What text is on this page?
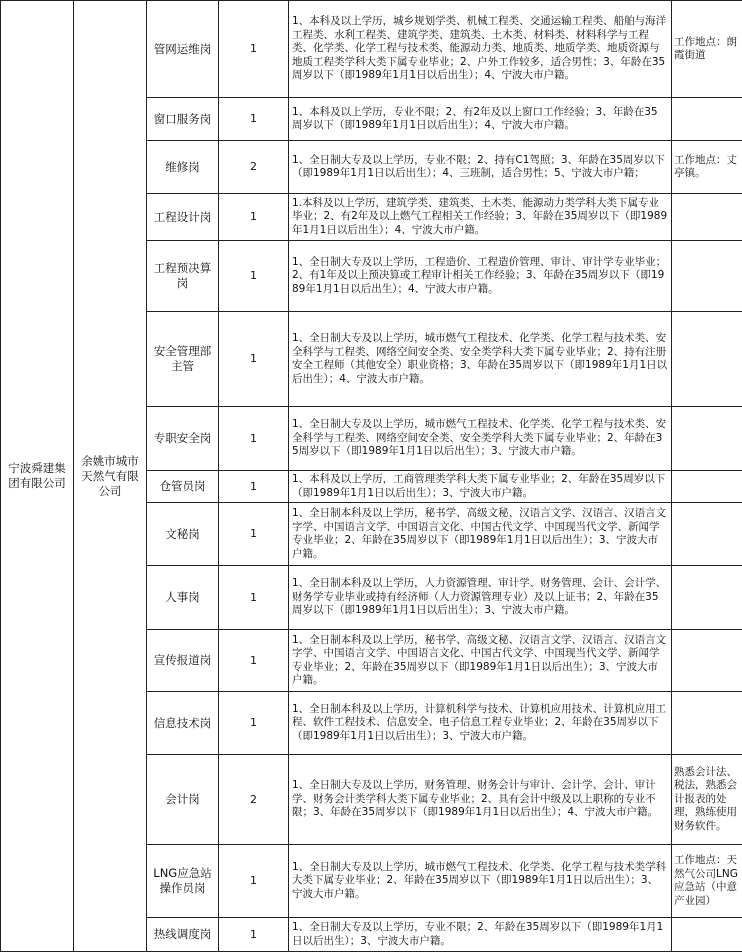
宁波舜建集团有限公司	余姚市城市天然气有限公司	管网运维岗	1	1、本科及以上学历，城乡规划学类、机械工程类、交通运输工程类、船舶与海洋工程类、水利工程类、建筑学类、建筑类、土木类、材料类、材料科学与工程类、化学类、化学工程与技术类、能源动力类、地质类、地质学类、地质资源与地质工程类学科大类下属专业毕业；2、户外工作较多，适合男性；3、年龄在35周岁以下（即1989年1月1日以后出生）；4、宁波大市户籍。	工作地点：朗霞街道
		窗口服务岗	1	1、本科及以上学历，专业不限；2、有2年及以上窗口工作经验；3、年龄在35周岁以下（即1989年1月1日以后出生）；4、宁波大市户籍。	
		维修岗	2	1、全日制大专及以上学历，专业不限；2、持有C1驾照；3、年龄在35周岁以下（即1989年1月1日以后出生）；4、三班制，适合男性；5、宁波大市户籍；	工作地点：丈亭镇。
		工程设计岗	1	1.本科及以上学历，建筑学类、建筑类、土木类、能源动力类学科大类下属专业毕业；2、有2年及以上燃气工程相关工作经验；3、年龄在35周岁以下（即1989年1月1日以后出生）；4、宁波大市户籍。	
		工程预决算岗	1	1、全日制大专及以上学历，工程造价、工程造价管理、审计、审计学专业毕业；2、有1年及以上预决算或工程审计相关工作经验；3、年龄在35周岁以下（即1989年1月1日以后出生）；4、宁波大市户籍。	
		安全管理部主管	1	1、全日制大专及以上学历，城市燃气工程技术、化学类、化学工程与技术类、安全科学与工程类、网络空间安全类、安全类学科大类下属专业毕业；2、持有注册安全工程师（其他安全）职业资格；3、年龄在35周岁以下（即1989年1月1日以后出生）；4、宁波大市户籍。	
		专职安全岗	1	1、全日制大专及以上学历，城市燃气工程技术、化学类、化学工程与技术类、安全科学与工程类、网络空间安全类、安全类学科大类下属专业毕业；2、年龄在35周岁以下（即1989年1月1日以后出生）；3、宁波大市户籍。	
		仓管员岗	1	1、本科及以上学历，工商管理类学科大类下属专业毕业；2、年龄在35周岁以下（即1989年1月1日以后出生）；3、宁波大市户籍。	
		文秘岗	1	1、全日制本科及以上学历，秘书学、高级文秘、汉语言文学、汉语言、汉语言文字学、中国语言文学、中国语言文化、中国古代文学、中国现当代文学、新闻学专业毕业；2、年龄在35周岁以下（即1989年1月1日以后出生）；3、宁波大市户籍。	
		人事岗	1	1、全日制本科及以上学历，人力资源管理、审计学、财务管理、会计、会计学、财务学专业毕业或持有经济师（人力资源管理专业）及以上证书；2、年龄在35周岁以下（即1989年1月1日以后出生）；3、宁波大市户籍。	
		宣传报道岗	1	1、全日制本科及以上学历，秘书学、高级文秘、汉语言文学、汉语言、汉语言文字学、中国语言文学、中国语言文化、中国古代文学、中国现当代文学、新闻学专业毕业；2、年龄在35周岁以下（即1989年1月1日以后出生）；3、宁波大市户籍。	
		信息技术岗	1	1、全日制本科及以上学历，计算机科学与技术、计算机应用技术、计算机应用工程、软件工程技术、信息安全、电子信息工程专业毕业；2、年龄在35周岁以下（即1989年1月1日以后出生）；3、宁波大市户籍。	
		会计岗	2	1、全日制大专及以上学历，财务管理、财务会计与审计、会计学、会计、审计学、财务会计类学科大类下属专业毕业；2、具有会计中级及以上职称的专业不限；3、年龄在35周岁以下（即1989年1月1日以后出生）；4、宁波大市户籍。	熟悉会计法、税法，熟悉会计报表的处理，熟练使用财务软件。
		LNG应急站操作员岗	1	1、全日制大专及以上学历，城市燃气工程技术、化学类、化学工程与技术类学科大类下属专业毕业；2、年龄在35周岁以下（即1989年1月1日以后出生）；3、宁波大市户籍。	工作地点：天然气公司LNG应急站（中意产业园）
		热线调度岗	1	1、全日制大专及以上学历，专业不限；2、年龄在35周岁以下（即1989年1月1日以后出生）；3、宁波大市户籍。	
